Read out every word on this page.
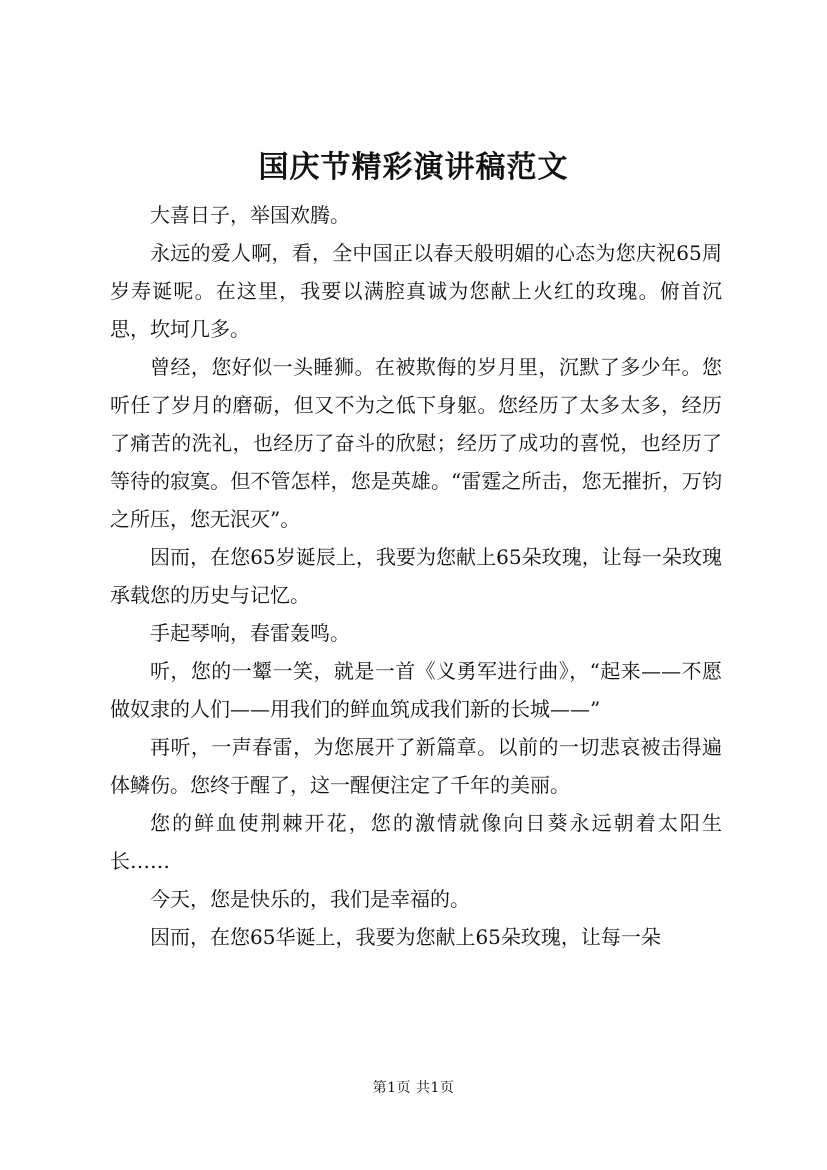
国庆节精彩演讲稿范文

大喜日子，举国欢腾。

永远的爱人啊，看，全中国正以春天般明媚的心态为您庆祝65周岁寿诞呢。在这里，我要以满腔真诚为您献上火红的玫瑰。俯首沉思，坎坷几多。

曾经，您好似一头睡狮。在被欺侮的岁月里，沉默了多少年。您听任了岁月的磨砺，但又不为之低下身躯。您经历了太多太多，经历了痛苦的洗礼，也经历了奋斗的欣慰；经历了成功的喜悦，也经历了等待的寂寞。但不管怎样，您是英雄。“雷霆之所击，您无摧折，万钧之所压，您无泯灭”。

因而，在您65岁诞辰上，我要为您献上65朵玫瑰，让每一朵玫瑰承载您的历史与记忆。

手起琴响，春雷轰鸣。

听，您的一颦一笑，就是一首《义勇军进行曲》，“起来——不愿做奴隶的人们——用我们的鲜血筑成我们新的长城——”

再听，一声春雷，为您展开了新篇章。以前的一切悲哀被击得遍体鳞伤。您终于醒了，这一醒便注定了千年的美丽。

您的鲜血使荆棘开花，您的激情就像向日葵永远朝着太阳生长……

今天，您是快乐的，我们是幸福的。

因而，在您65华诞上，我要为您献上65朵玫瑰，让每一朵

第1页 共1页
